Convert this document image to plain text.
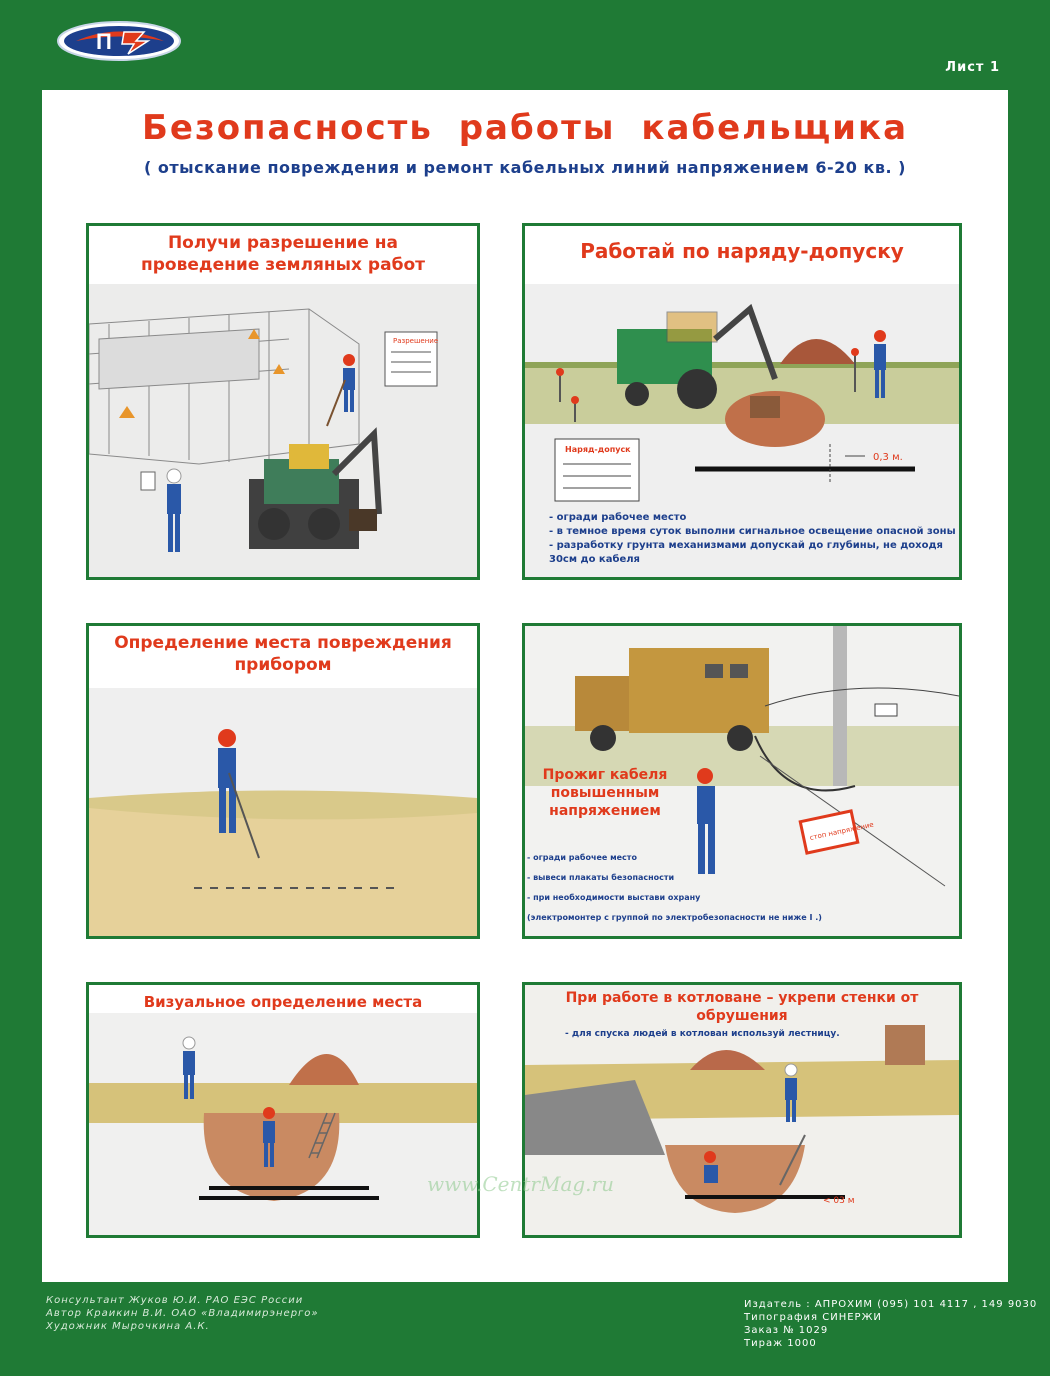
П
Лист 1
Безопасность работы кабельщика
( отыскание повреждения и ремонт кабельных линий напряжением 6-20 кв. )
Получи разрешение на проведение земляных работ
Разрешение
Работай по наряду-допуску
Наряд-допуск
0,3 м.
- огради рабочее место
- в темное время суток выполни сигнальное освещение опасной зоны
- разработку грунта механизмами допускай до глубины, не доходя
30см до кабеля
Определение места повреждения прибором
стоп напряжение
Прожиг кабеля повышенным напряжением
- огради рабочее место
- вывеси плакаты безопасности
- при необходимости выстави охрану
(электромонтер с группой по электробезопасности не ниже I .)
Визуальное определение места
< 03 м
При работе в котловане – укрепи стенки от обрушения
- для спуска людей в котлован используй лестницу.
www.CentrMag.ru
Консультант Жуков Ю.И. РАО ЕЭС России
Автор Краикин В.И. ОАО «Владимирэнерго»
Художник Мырочкина А.К.
Издатель : АПРОХИМ (095) 101 4117 , 149 9030
Типография СИНЕРЖИ
Заказ № 1029
Тираж 1000
